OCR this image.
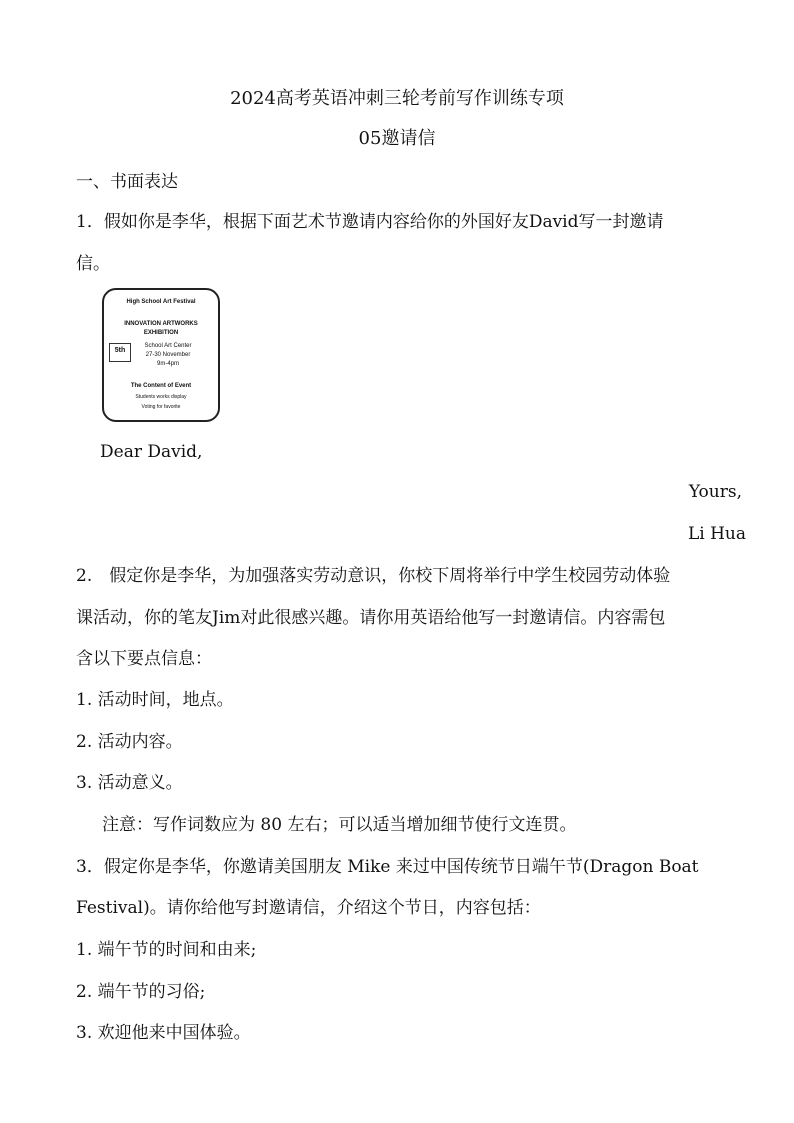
2024高考英语冲刺三轮考前写作训练专项
05邀请信
一、书面表达
1．假如你是李华，根据下面艺术节邀请内容给你的外国好友David写一封邀请
信。
High School Art Festival
INNOVATION ARTWORKS
EXHIBITION
5th
School Art Center
27-30 November
9m-4pm
The Content of Event
Students works display
Voting for favorite
Dear David,
Yours,
Li Hua
2.　假定你是李华，为加强落实劳动意识，你校下周将举行中学生校园劳动体验
课活动，你的笔友Jim对此很感兴趣。请你用英语给他写一封邀请信。内容需包
含以下要点信息：
1. 活动时间，地点。
2. 活动内容。
3. 活动意义。
注意：写作词数应为 80 左右；可以适当增加细节使行文连贯。
3．假定你是李华，你邀请美国朋友 Mike 来过中国传统节日端午节(Dragon Boat
Festival)。请你给他写封邀请信，介绍这个节日，内容包括：
1. 端午节的时间和由来;
2. 端午节的习俗;
3. 欢迎他来中国体验。
